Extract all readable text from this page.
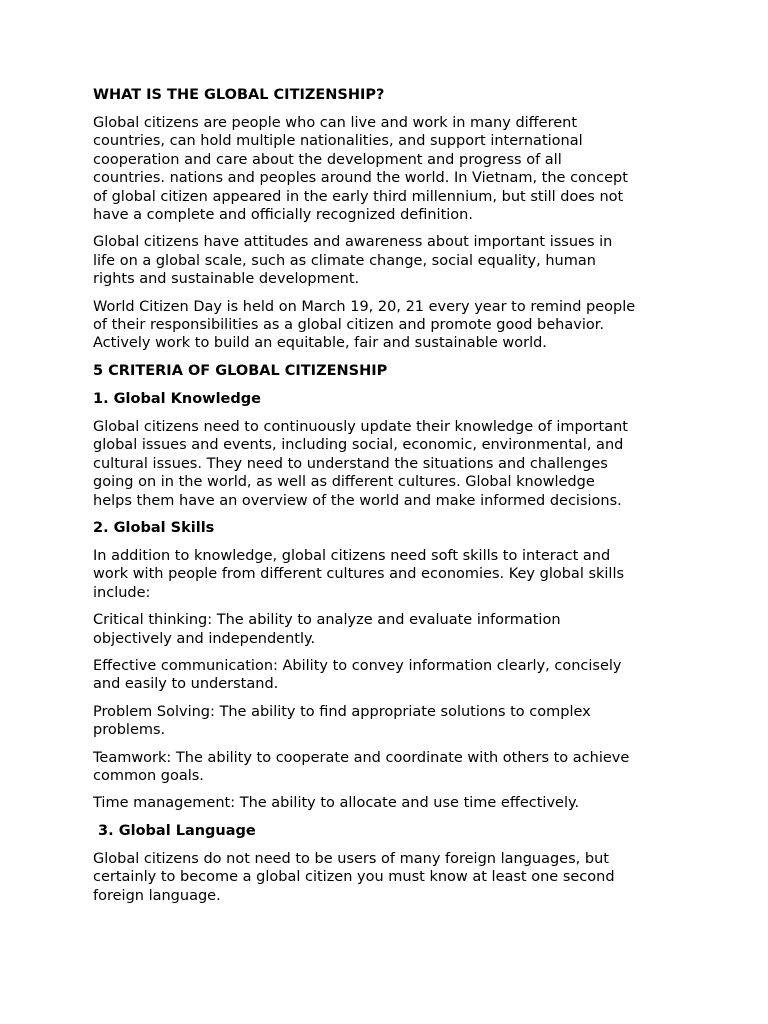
WHAT IS THE GLOBAL CITIZENSHIP?
Global citizens are people who can live and work in many different
countries, can hold multiple nationalities, and support international
cooperation and care about the development and progress of all
countries. nations and peoples around the world. In Vietnam, the concept
of global citizen appeared in the early third millennium, but still does not
have a complete and officially recognized definition.
Global citizens have attitudes and awareness about important issues in
life on a global scale, such as climate change, social equality, human
rights and sustainable development.
World Citizen Day is held on March 19, 20, 21 every year to remind people
of their responsibilities as a global citizen and promote good behavior.
Actively work to build an equitable, fair and sustainable world.
5 CRITERIA OF GLOBAL CITIZENSHIP
1. Global Knowledge
Global citizens need to continuously update their knowledge of important
global issues and events, including social, economic, environmental, and
cultural issues. They need to understand the situations and challenges
going on in the world, as well as different cultures. Global knowledge
helps them have an overview of the world and make informed decisions.
2. Global Skills
In addition to knowledge, global citizens need soft skills to interact and
work with people from different cultures and economies. Key global skills
include:
Critical thinking: The ability to analyze and evaluate information
objectively and independently.
Effective communication: Ability to convey information clearly, concisely
and easily to understand.
Problem Solving: The ability to find appropriate solutions to complex
problems.
Teamwork: The ability to cooperate and coordinate with others to achieve
common goals.
Time management: The ability to allocate and use time effectively.
3. Global Language
Global citizens do not need to be users of many foreign languages, but
certainly to become a global citizen you must know at least one second
foreign language.
